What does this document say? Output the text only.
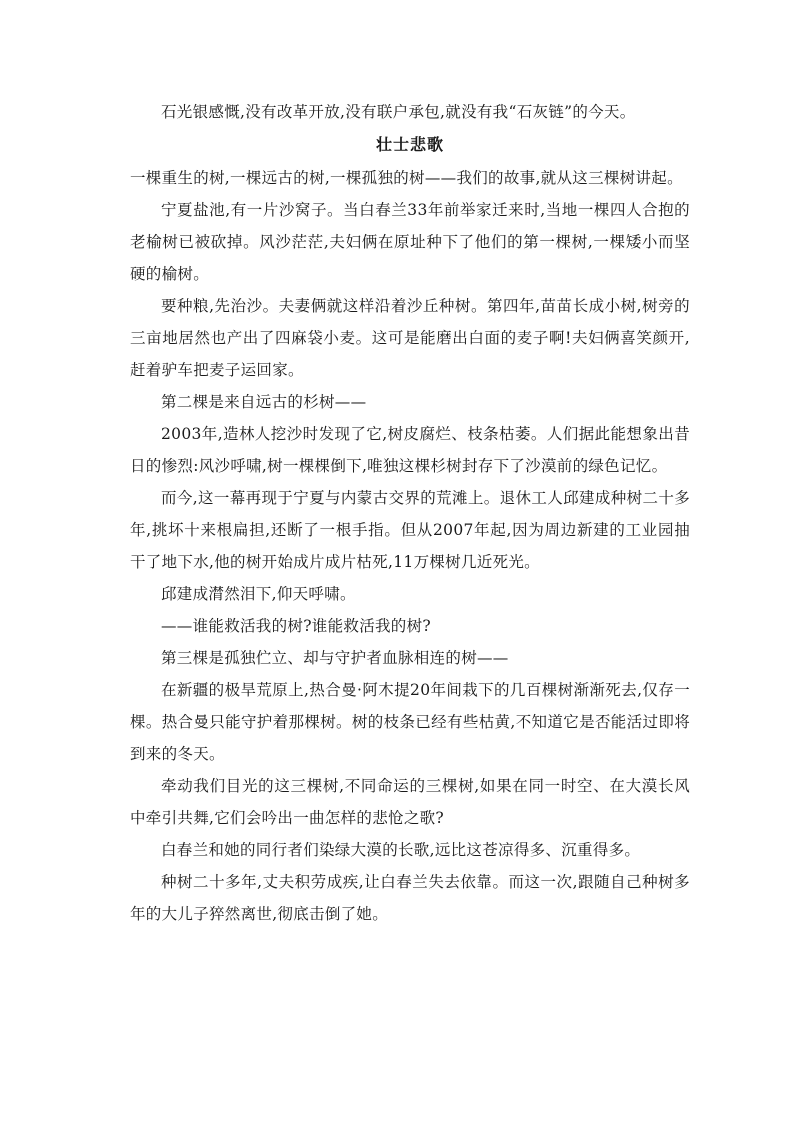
石光银感慨,没有改革开放,没有联户承包,就没有我“石灰链”的今天。

壮士悲歌

一棵重生的树,一棵远古的树,一棵孤独的树——我们的故事,就从这三棵树讲起。

宁夏盐池,有一片沙窝子。当白春兰33年前举家迁来时,当地一棵四人合抱的老榆树已被砍掉。风沙茫茫,夫妇俩在原址种下了他们的第一棵树,一棵矮小而坚硬的榆树。

要种粮,先治沙。夫妻俩就这样沿着沙丘种树。第四年,苗苗长成小树,树旁的三亩地居然也产出了四麻袋小麦。这可是能磨出白面的麦子啊!夫妇俩喜笑颜开,赶着驴车把麦子运回家。

第二棵是来自远古的杉树——

2003年,造林人挖沙时发现了它,树皮腐烂、枝条枯萎。人们据此能想象出昔日的惨烈:风沙呼啸,树一棵棵倒下,唯独这棵杉树封存下了沙漠前的绿色记忆。

而今,这一幕再现于宁夏与内蒙古交界的荒滩上。退休工人邱建成种树二十多年,挑坏十来根扁担,还断了一根手指。但从2007年起,因为周边新建的工业园抽干了地下水,他的树开始成片成片枯死,11万棵树几近死光。

邱建成潸然泪下,仰天呼啸。

——谁能救活我的树?谁能救活我的树?

第三棵是孤独伫立、却与守护者血脉相连的树——

在新疆的极旱荒原上,热合曼·阿木提20年间栽下的几百棵树渐渐死去,仅存一棵。热合曼只能守护着那棵树。树的枝条已经有些枯黄,不知道它是否能活过即将到来的冬天。

牵动我们目光的这三棵树,不同命运的三棵树,如果在同一时空、在大漠长风中牵引共舞,它们会吟出一曲怎样的悲怆之歌?

白春兰和她的同行者们染绿大漠的长歌,远比这苍凉得多、沉重得多。

种树二十多年,丈夫积劳成疾,让白春兰失去依靠。而这一次,跟随自己种树多年的大儿子猝然离世,彻底击倒了她。
